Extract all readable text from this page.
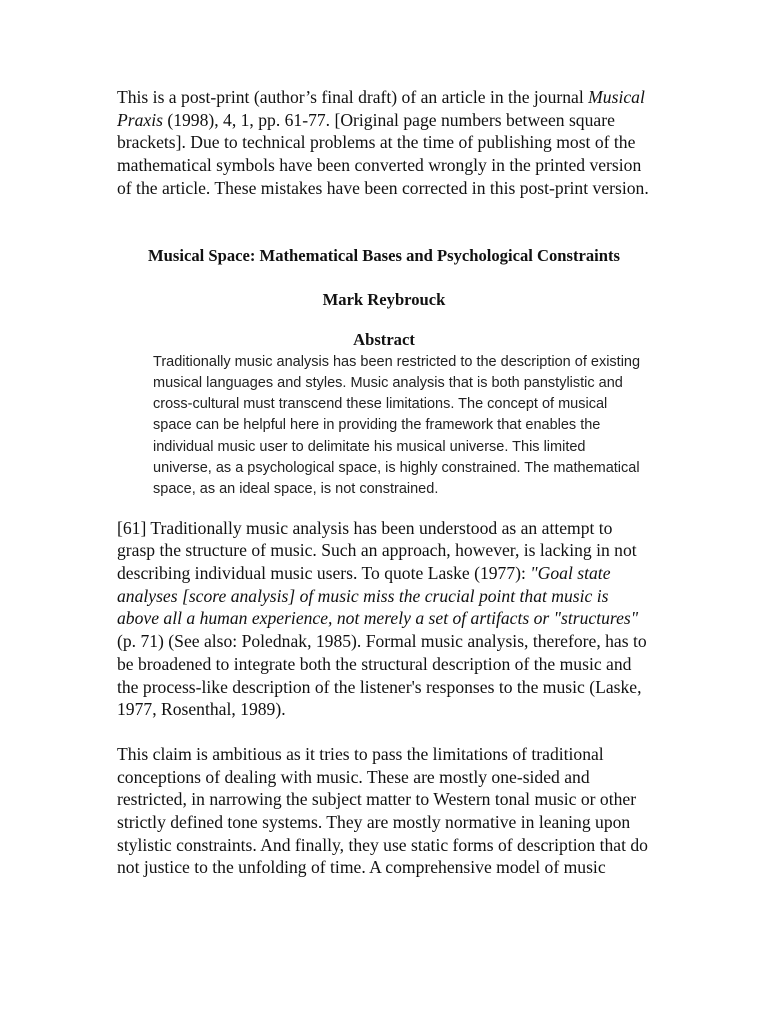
This is a post-print (author’s final draft) of an article in the journal Musical Praxis (1998), 4, 1, pp. 61-77. [Original page numbers between square brackets]. Due to technical problems at the time of publishing most of the mathematical symbols have been converted wrongly in the printed version of the article. These mistakes have been corrected in this post-print version.

Musical Space: Mathematical Bases and Psychological Constraints
Mark Reybrouck
Abstract

Traditionally music analysis has been restricted to the description of existing musical languages and styles. Music analysis that is both panstylistic and cross-cultural must transcend these limitations. The concept of musical space can be helpful here in providing the framework that enables the individual music user to delimitate his musical universe. This limited universe, as a psychological space, is highly constrained. The mathematical space, as an ideal space, is not constrained.

[61] Traditionally music analysis has been understood as an attempt to grasp the structure of music. Such an approach, however, is lacking in not describing individual music users. To quote Laske (1977): "Goal state analyses [score analysis] of music miss the crucial point that music is above all a human experience, not merely a set of artifacts or "structures" (p. 71) (See also: Polednak, 1985). Formal music analysis, therefore, has to be broadened to integrate both the structural description of the music and the process-like description of the listener's responses to the music (Laske, 1977, Rosenthal, 1989).

This claim is ambitious as it tries to pass the limitations of traditional conceptions of dealing with music. These are mostly one-sided and restricted, in narrowing the subject matter to Western tonal music or other strictly defined tone systems. They are mostly normative in leaning upon stylistic constraints. And finally, they use static forms of description that do not justice to the unfolding of time. A comprehensive model of music
